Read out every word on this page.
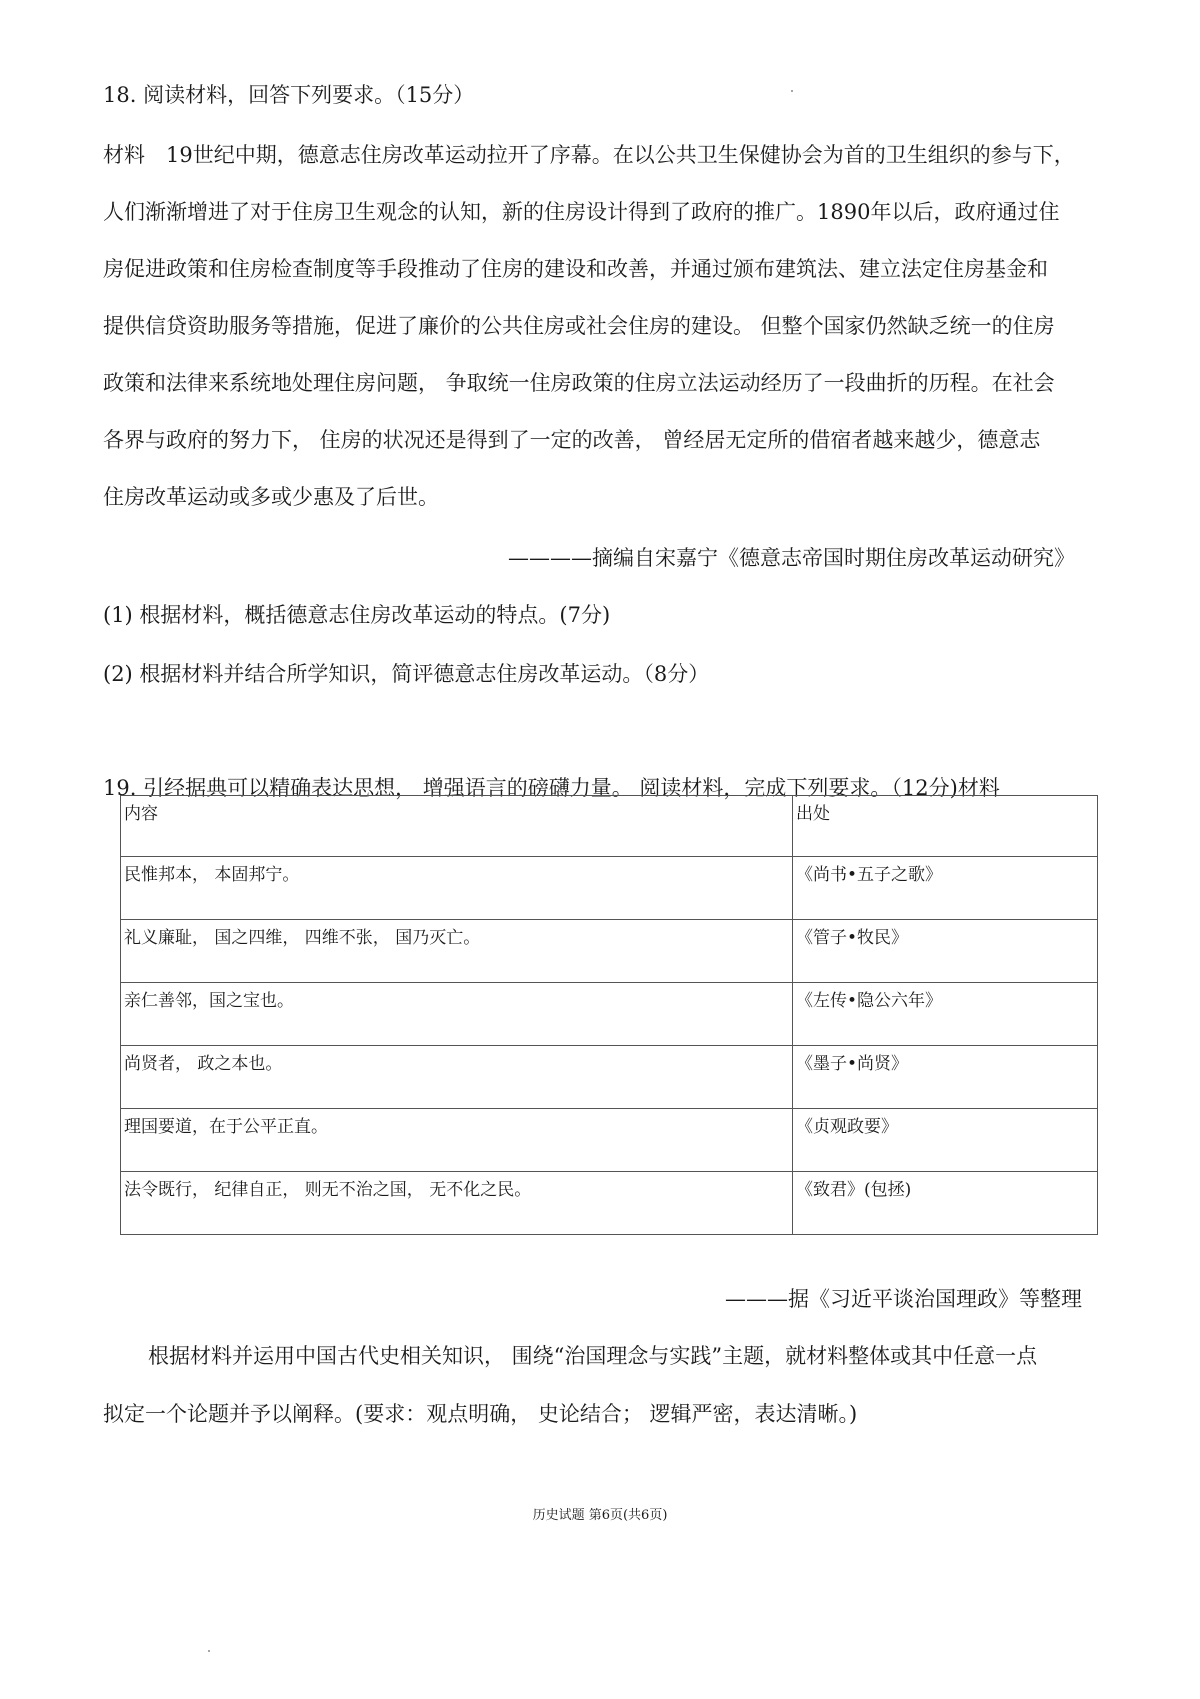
18. 阅读材料，回答下列要求。（15分）
材料　19世纪中期，德意志住房改革运动拉开了序幕。在以公共卫生保健协会为首的卫生组织的参与下，
人们渐渐增进了对于住房卫生观念的认知，新的住房设计得到了政府的推广。1890年以后，政府通过住
房促进政策和住房检查制度等手段推动了住房的建设和改善，并通过颁布建筑法、建立法定住房基金和
提供信贷资助服务等措施，促进了廉价的公共住房或社会住房的建设。 但整个国家仍然缺乏统一的住房
政策和法律来系统地处理住房问题， 争取统一住房政策的住房立法运动经历了一段曲折的历程。在社会
各界与政府的努力下， 住房的状况还是得到了一定的改善， 曾经居无定所的借宿者越来越少，德意志
住房改革运动或多或少惠及了后世。
————摘编自宋嘉宁《德意志帝国时期住房改革运动研究》
(1) 根据材料，概括德意志住房改革运动的特点。(7分)
(2) 根据材料并结合所学知识，简评德意志住房改革运动。（8分）
19. 引经据典可以精确表达思想， 增强语言的磅礴力量。 阅读材料，完成下列要求。（12分)材料
内容	出处
民惟邦本， 本固邦宁。	《尚书•五子之歌》
礼义廉耻， 国之四维， 四维不张， 国乃灭亡。	《管子•牧民》
亲仁善邻，国之宝也。	《左传•隐公六年》
尚贤者， 政之本也。	《墨子•尚贤》
理国要道，在于公平正直。	《贞观政要》
法令既行， 纪律自正， 则无不治之国， 无不化之民。	《致君》(包拯)
———据《习近平谈治国理政》等整理
根据材料并运用中国古代史相关知识， 围绕“治国理念与实践”主题，就材料整体或其中任意一点
拟定一个论题并予以阐释。(要求：观点明确， 史论结合； 逻辑严密，表达清晰。)
历史试题 第6页(共6页)
